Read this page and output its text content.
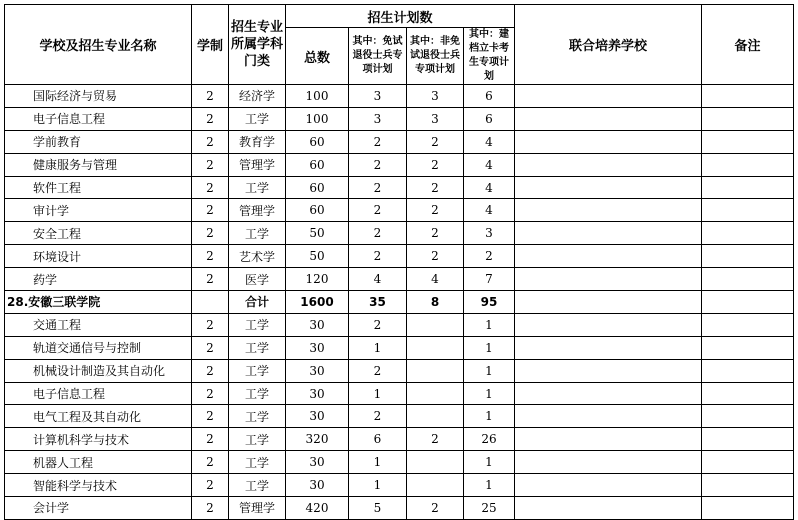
学校及招生专业名称	学制	招生专业所属学科门类	招生计划数				联合培养学校	备注
			总数	其中：免试退役士兵专项计划	其中：非免试退役士兵专项计划	其中：建档立卡考生专项计划		
国际经济与贸易	2	经济学	100	3	3	6		
电子信息工程	2	工学	100	3	3	6		
学前教育	2	教育学	60	2	2	4		
健康服务与管理	2	管理学	60	2	2	4		
软件工程	2	工学	60	2	2	4		
审计学	2	管理学	60	2	2	4		
安全工程	2	工学	50	2	2	3		
环境设计	2	艺术学	50	2	2	2		
药学	2	医学	120	4	4	7		
28.安徽三联学院		合计	1600	35	8	95		
交通工程	2	工学	30	2		1		
轨道交通信号与控制	2	工学	30	1		1		
机械设计制造及其自动化	2	工学	30	2		1		
电子信息工程	2	工学	30	1		1		
电气工程及其自动化	2	工学	30	2		1		
计算机科学与技术	2	工学	320	6	2	26		
机器人工程	2	工学	30	1		1		
智能科学与技术	2	工学	30	1		1		
会计学	2	管理学	420	5	2	25		
